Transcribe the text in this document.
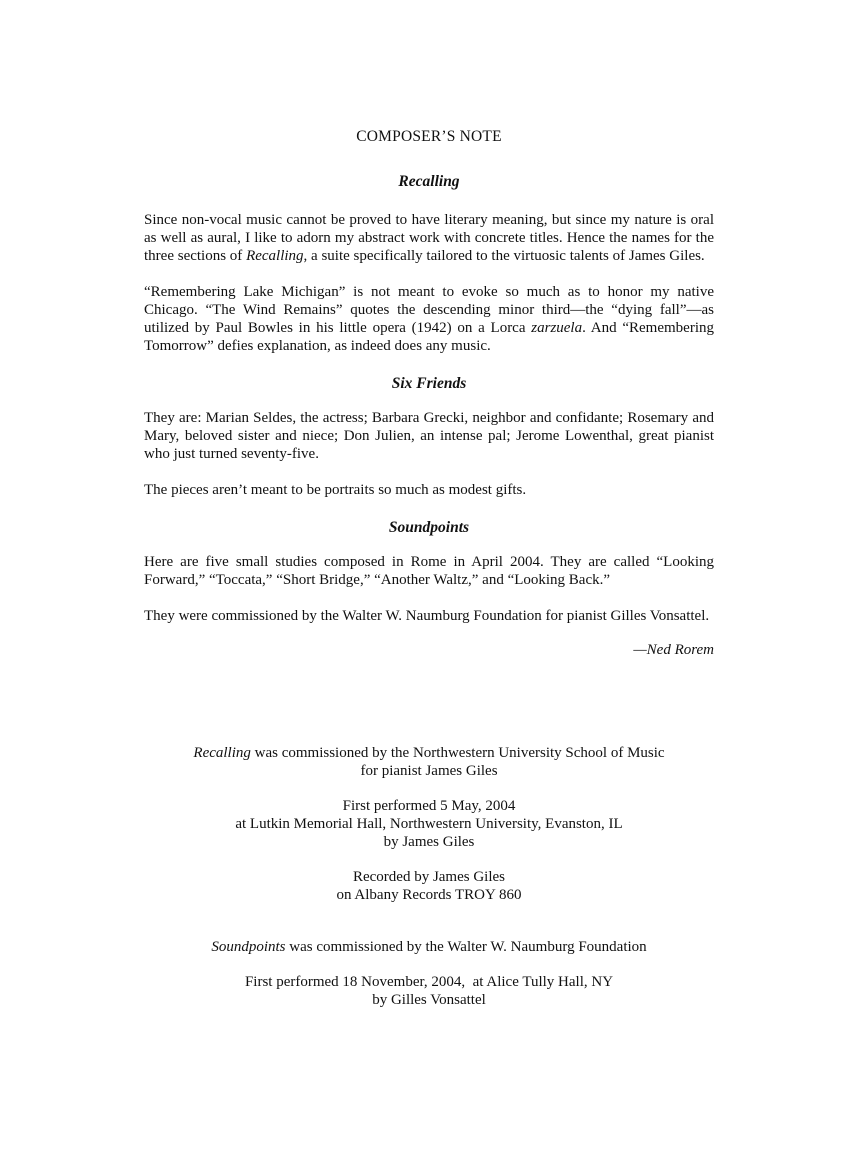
COMPOSER’S NOTE
Recalling

Since non-vocal music cannot be proved to have literary meaning, but since my nature is oral as well as aural, I like to adorn my abstract work with concrete titles. Hence the names for the three sections of Recalling, a suite specifically tailored to the virtuosic talents of James Giles.

“Remembering Lake Michigan” is not meant to evoke so much as to honor my native Chicago. “The Wind Remains” quotes the descending minor third—the “dying fall”—as utilized by Paul Bowles in his little opera (1942) on a Lorca zarzuela. And “Remembering Tomorrow” defies explanation, as indeed does any music.

Six Friends

They are: Marian Seldes, the actress; Barbara Grecki, neighbor and confidante; Rosemary and Mary, beloved sister and niece; Don Julien, an intense pal; Jerome Lowenthal, great pianist who just turned seventy-five.

The pieces aren’t meant to be portraits so much as modest gifts.

Soundpoints

Here are five small studies composed in Rome in April 2004. They are called “Looking Forward,” “Toccata,” “Short Bridge,” “Another Waltz,” and “Looking Back.”

They were commissioned by the Walter W. Naumburg Foundation for pianist Gilles Vonsattel.

—Ned Rorem

Recalling was commissioned by the Northwestern University School of Music

for pianist James Giles

First performed 5 May, 2004

at Lutkin Memorial Hall, Northwestern University, Evanston, IL

by James Giles

Recorded by James Giles

on Albany Records TROY 860

Soundpoints was commissioned by the Walter W. Naumburg Foundation

First performed 18 November, 2004,  at Alice Tully Hall, NY

by Gilles Vonsattel
